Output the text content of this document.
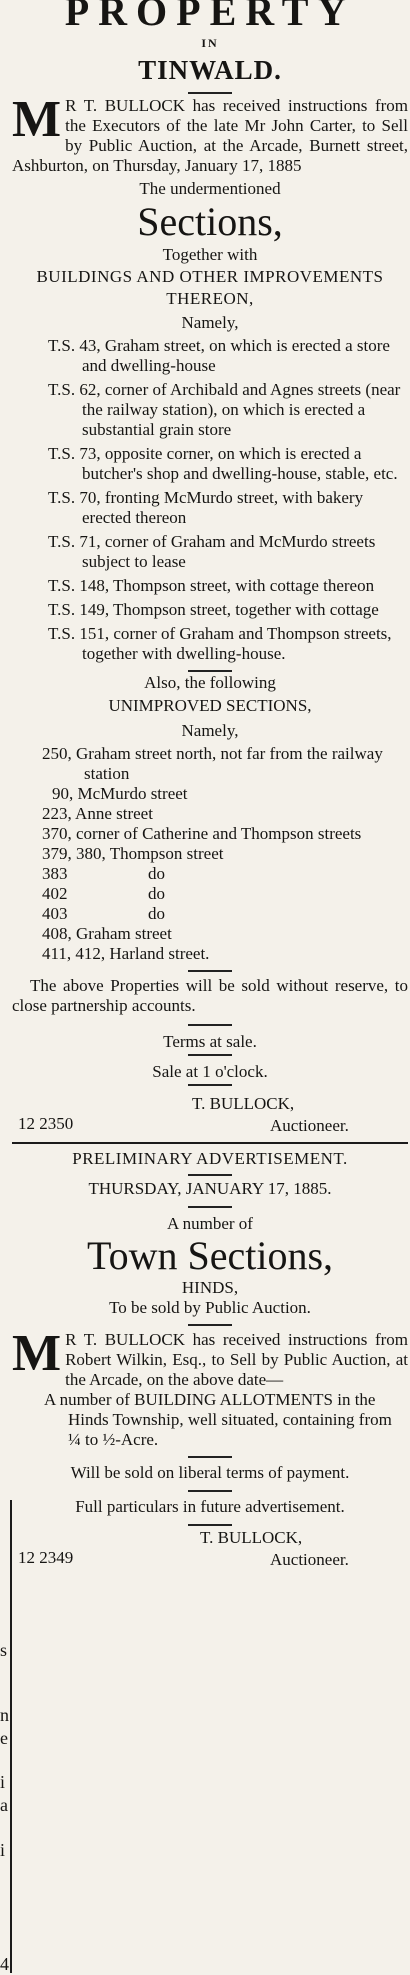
s
n
e
i
a
i
4
PROPERTY
IN
TINWALD.
M R T. BULLOCK has received instructions from the Executors of the late Mr John Carter, to Sell by Public Auction, at the Arcade, Burnett street, Ashburton, on Thursday, January 17, 1885
The undermentioned
Sections,
Together with
BUILDINGS AND OTHER IMPROVEMENTS THEREON,
Namely,

T.S. 43, Graham street, on which is erected a store and dwelling-house

T.S. 62, corner of Archibald and Agnes streets (near the railway station), on which is erected a substantial grain store

T.S. 73, opposite corner, on which is erected a butcher's shop and dwelling-house, stable, etc.

T.S. 70, fronting McMurdo street, with bakery erected thereon

T.S. 71, corner of Graham and McMurdo streets subject to lease

T.S. 148, Thompson street, with cottage thereon

T.S. 149, Thompson street, together with cottage

T.S. 151, corner of Graham and Thompson streets, together with dwelling-house.

Also, the following
UNIMPROVED SECTIONS,
Namely,

250, Graham street north, not far from the railway station

90, McMurdo street

223, Anne street

370, corner of Catherine and Thompson streets

379, 380, Thompson street

383	do

402	do

403	do

408, Graham street

411, 412, Harland street.

The above Properties will be sold without reserve, to close partnership accounts.
Terms at sale.
Sale at 1 o'clock.
T. BULLOCK,
12 2350	Auctioneer.
PRELIMINARY ADVERTISEMENT.
THURSDAY, JANUARY 17, 1885.
A number of
Town Sections,
HINDS,
To be sold by Public Auction.
M R T. BULLOCK has received instructions from Robert Wilkin, Esq., to Sell by Public Auction, at the Arcade, on the above date—

A number of BUILDING ALLOTMENTS in the Hinds Township, well situated, containing from ¼ to ½-Acre.

Will be sold on liberal terms of payment.
Full particulars in future advertisement.
T. BULLOCK,
12 2349	Auctioneer.
